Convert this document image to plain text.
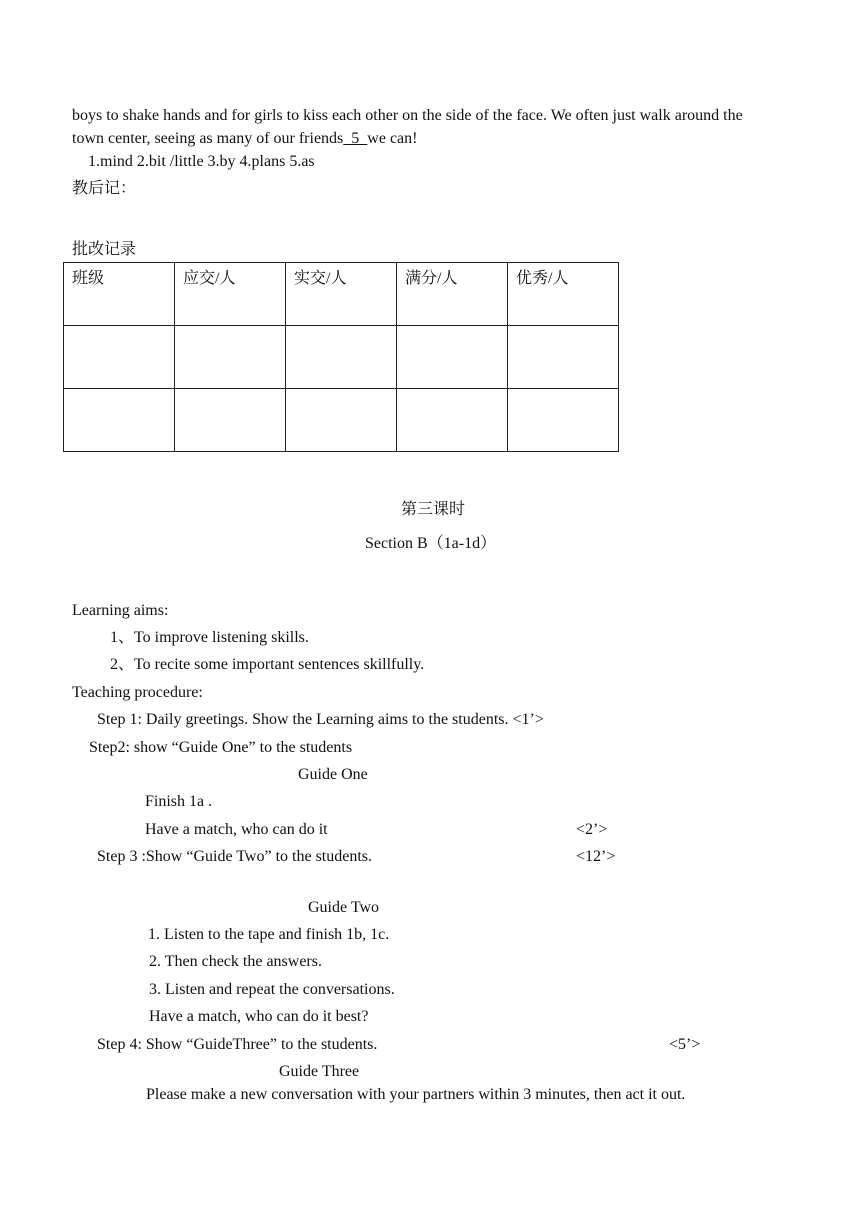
boys to shake hands and for girls to kiss each other on the side of the face. We often just walk around the
town center, seeing as many of our friends  5  we can!
1.mind 2.bit /little 3.by 4.plans 5.as
教后记：
批改记录
班级	应交/人	实交/人	满分/人	优秀/人

第三课时
Section B（1a-1d）
Learning aims:
1、To improve listening skills.
2、To recite some important sentences skillfully.
Teaching procedure:
Step 1: Daily greetings. Show the Learning aims to the students. <1’>
Step2: show “Guide One” to the students
Guide One
Finish 1a .
Have a match, who can do it	<2’>
Step 3 :Show “Guide Two” to the students.	<12’>
Guide Two
1. Listen to the tape and finish 1b, 1c.
2. Then check the answers.
3. Listen and repeat the conversations.
Have a match, who can do it best?
Step 4: Show “GuideThree” to the students.	<5’>
Guide Three
Please make a new conversation with your partners within 3 minutes, then act it out.
